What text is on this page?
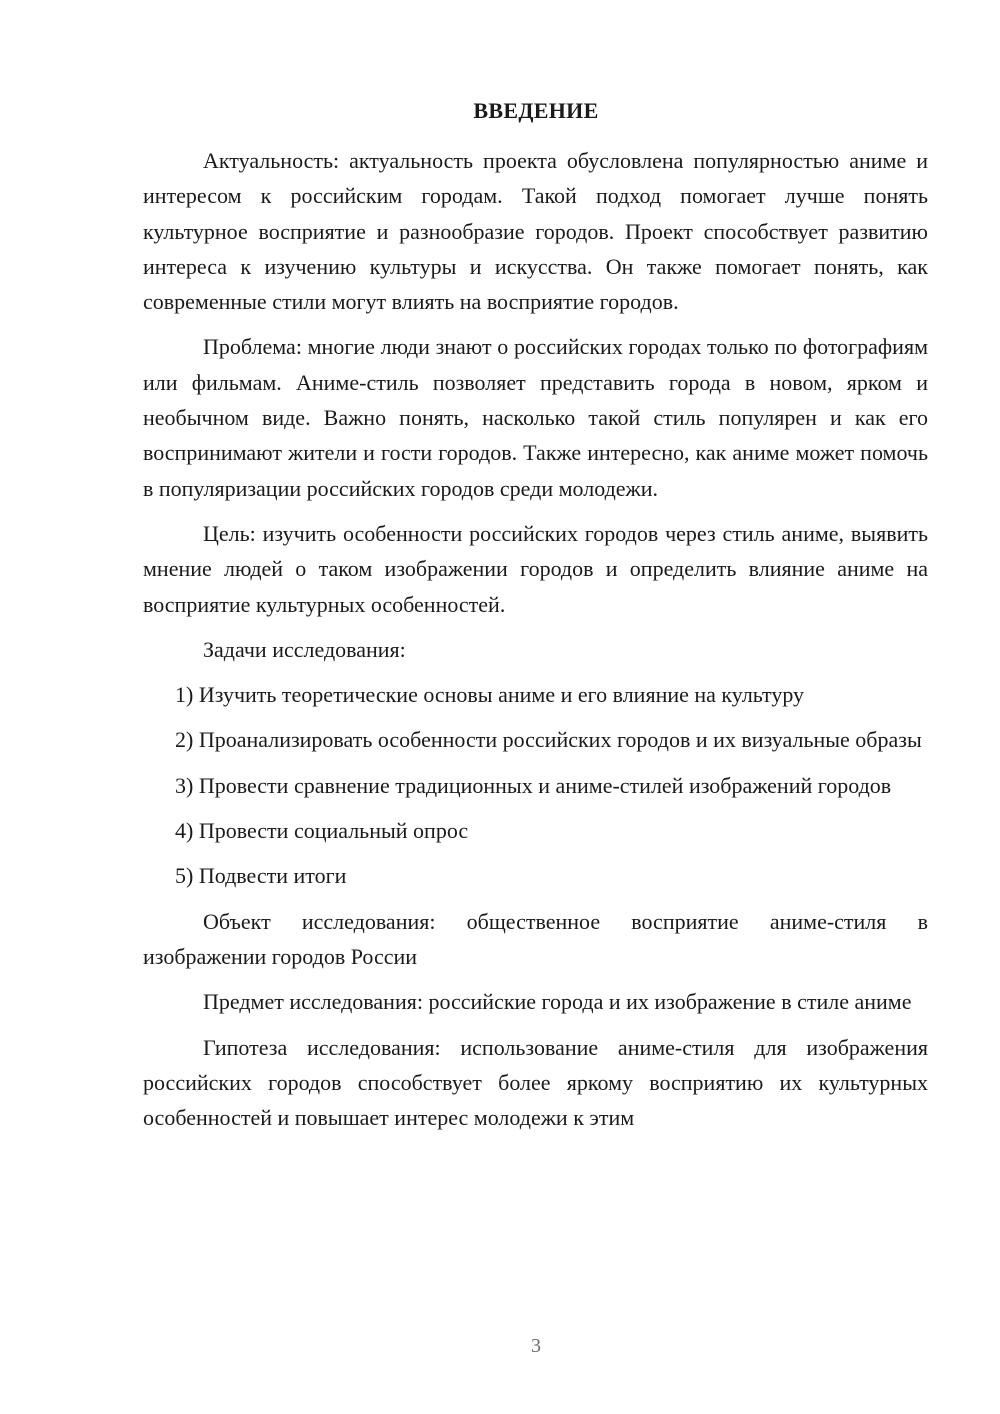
ВВЕДЕНИЕ

Актуальность: актуальность проекта обусловлена популярностью аниме и интересом к российским городам. Такой подход помогает лучше понять культурное восприятие и разнообразие городов. Проект способствует развитию интереса к изучению культуры и искусства. Он также помогает понять, как современные стили могут влиять на восприятие городов.

Проблема: многие люди знают о российских городах только по фотографиям или фильмам. Аниме-стиль позволяет представить города в новом, ярком и необычном виде. Важно понять, насколько такой стиль популярен и как его воспринимают жители и гости городов. Также интересно, как аниме может помочь в популяризации российских городов среди молодежи.

Цель: изучить особенности российских городов через стиль аниме, выявить мнение людей о таком изображении городов и определить влияние аниме на восприятие культурных особенностей.

Задачи исследования:

1) Изучить теоретические основы аниме и его влияние на культуру

2) Проанализировать особенности российских городов и их визуальные образы

3) Провести сравнение традиционных и аниме-стилей изображений городов

4) Провести социальный опрос

5) Подвести итоги

Объект исследования: общественное восприятие аниме-стиля в изображении городов России

Предмет исследования: российские города и их изображение в стиле аниме

Гипотеза исследования: использование аниме-стиля для изображения российских городов способствует более яркому восприятию их культурных особенностей и повышает интерес молодежи к этим

3
